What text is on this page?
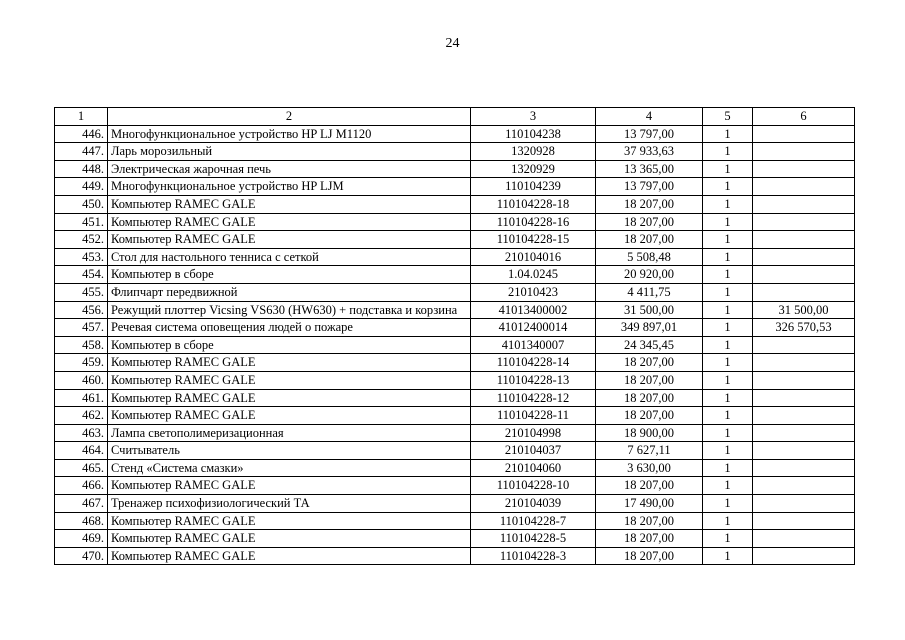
24
1	2	3	4	5	6
446.	Многофункциональное устройство HP LJ M1120	110104238	13 797,00	1	
447.	Ларь морозильный	1320928	37 933,63	1	
448.	Электрическая жарочная печь	1320929	13 365,00	1	
449.	Многофункциональное устройство HP LJM	110104239	13 797,00	1	
450.	Компьютер RAMEC GALE	110104228-18	18 207,00	1	
451.	Компьютер RAMEC GALE	110104228-16	18 207,00	1	
452.	Компьютер RAMEC GALE	110104228-15	18 207,00	1	
453.	Стол для настольного тенниса с сеткой	210104016	5 508,48	1	
454.	Компьютер в сборе	1.04.0245	20 920,00	1	
455.	Флипчарт передвижной	21010423	4 411,75	1	
456.	Режущий плоттер Vicsing VS630 (HW630) + подставка и корзина	41013400002	31 500,00	1	31 500,00
457.	Речевая система оповещения людей о пожаре	41012400014	349 897,01	1	326 570,53
458.	Компьютер в сборе	4101340007	24 345,45	1	
459.	Компьютер RAMEC GALE	110104228-14	18 207,00	1	
460.	Компьютер RAMEC GALE	110104228-13	18 207,00	1	
461.	Компьютер RAMEC GALE	110104228-12	18 207,00	1	
462.	Компьютер RAMEC GALE	110104228-11	18 207,00	1	
463.	Лампа светополимеризационная	210104998	18 900,00	1	
464.	Считыватель	210104037	7 627,11	1	
465.	Стенд «Система смазки»	210104060	3 630,00	1	
466.	Компьютер RAMEC GALE	110104228-10	18 207,00	1	
467.	Тренажер психофизиологический ТА	210104039	17 490,00	1	
468.	Компьютер RAMEC GALE	110104228-7	18 207,00	1	
469.	Компьютер RAMEC GALE	110104228-5	18 207,00	1	
470.	Компьютер RAMEC GALE	110104228-3	18 207,00	1	
